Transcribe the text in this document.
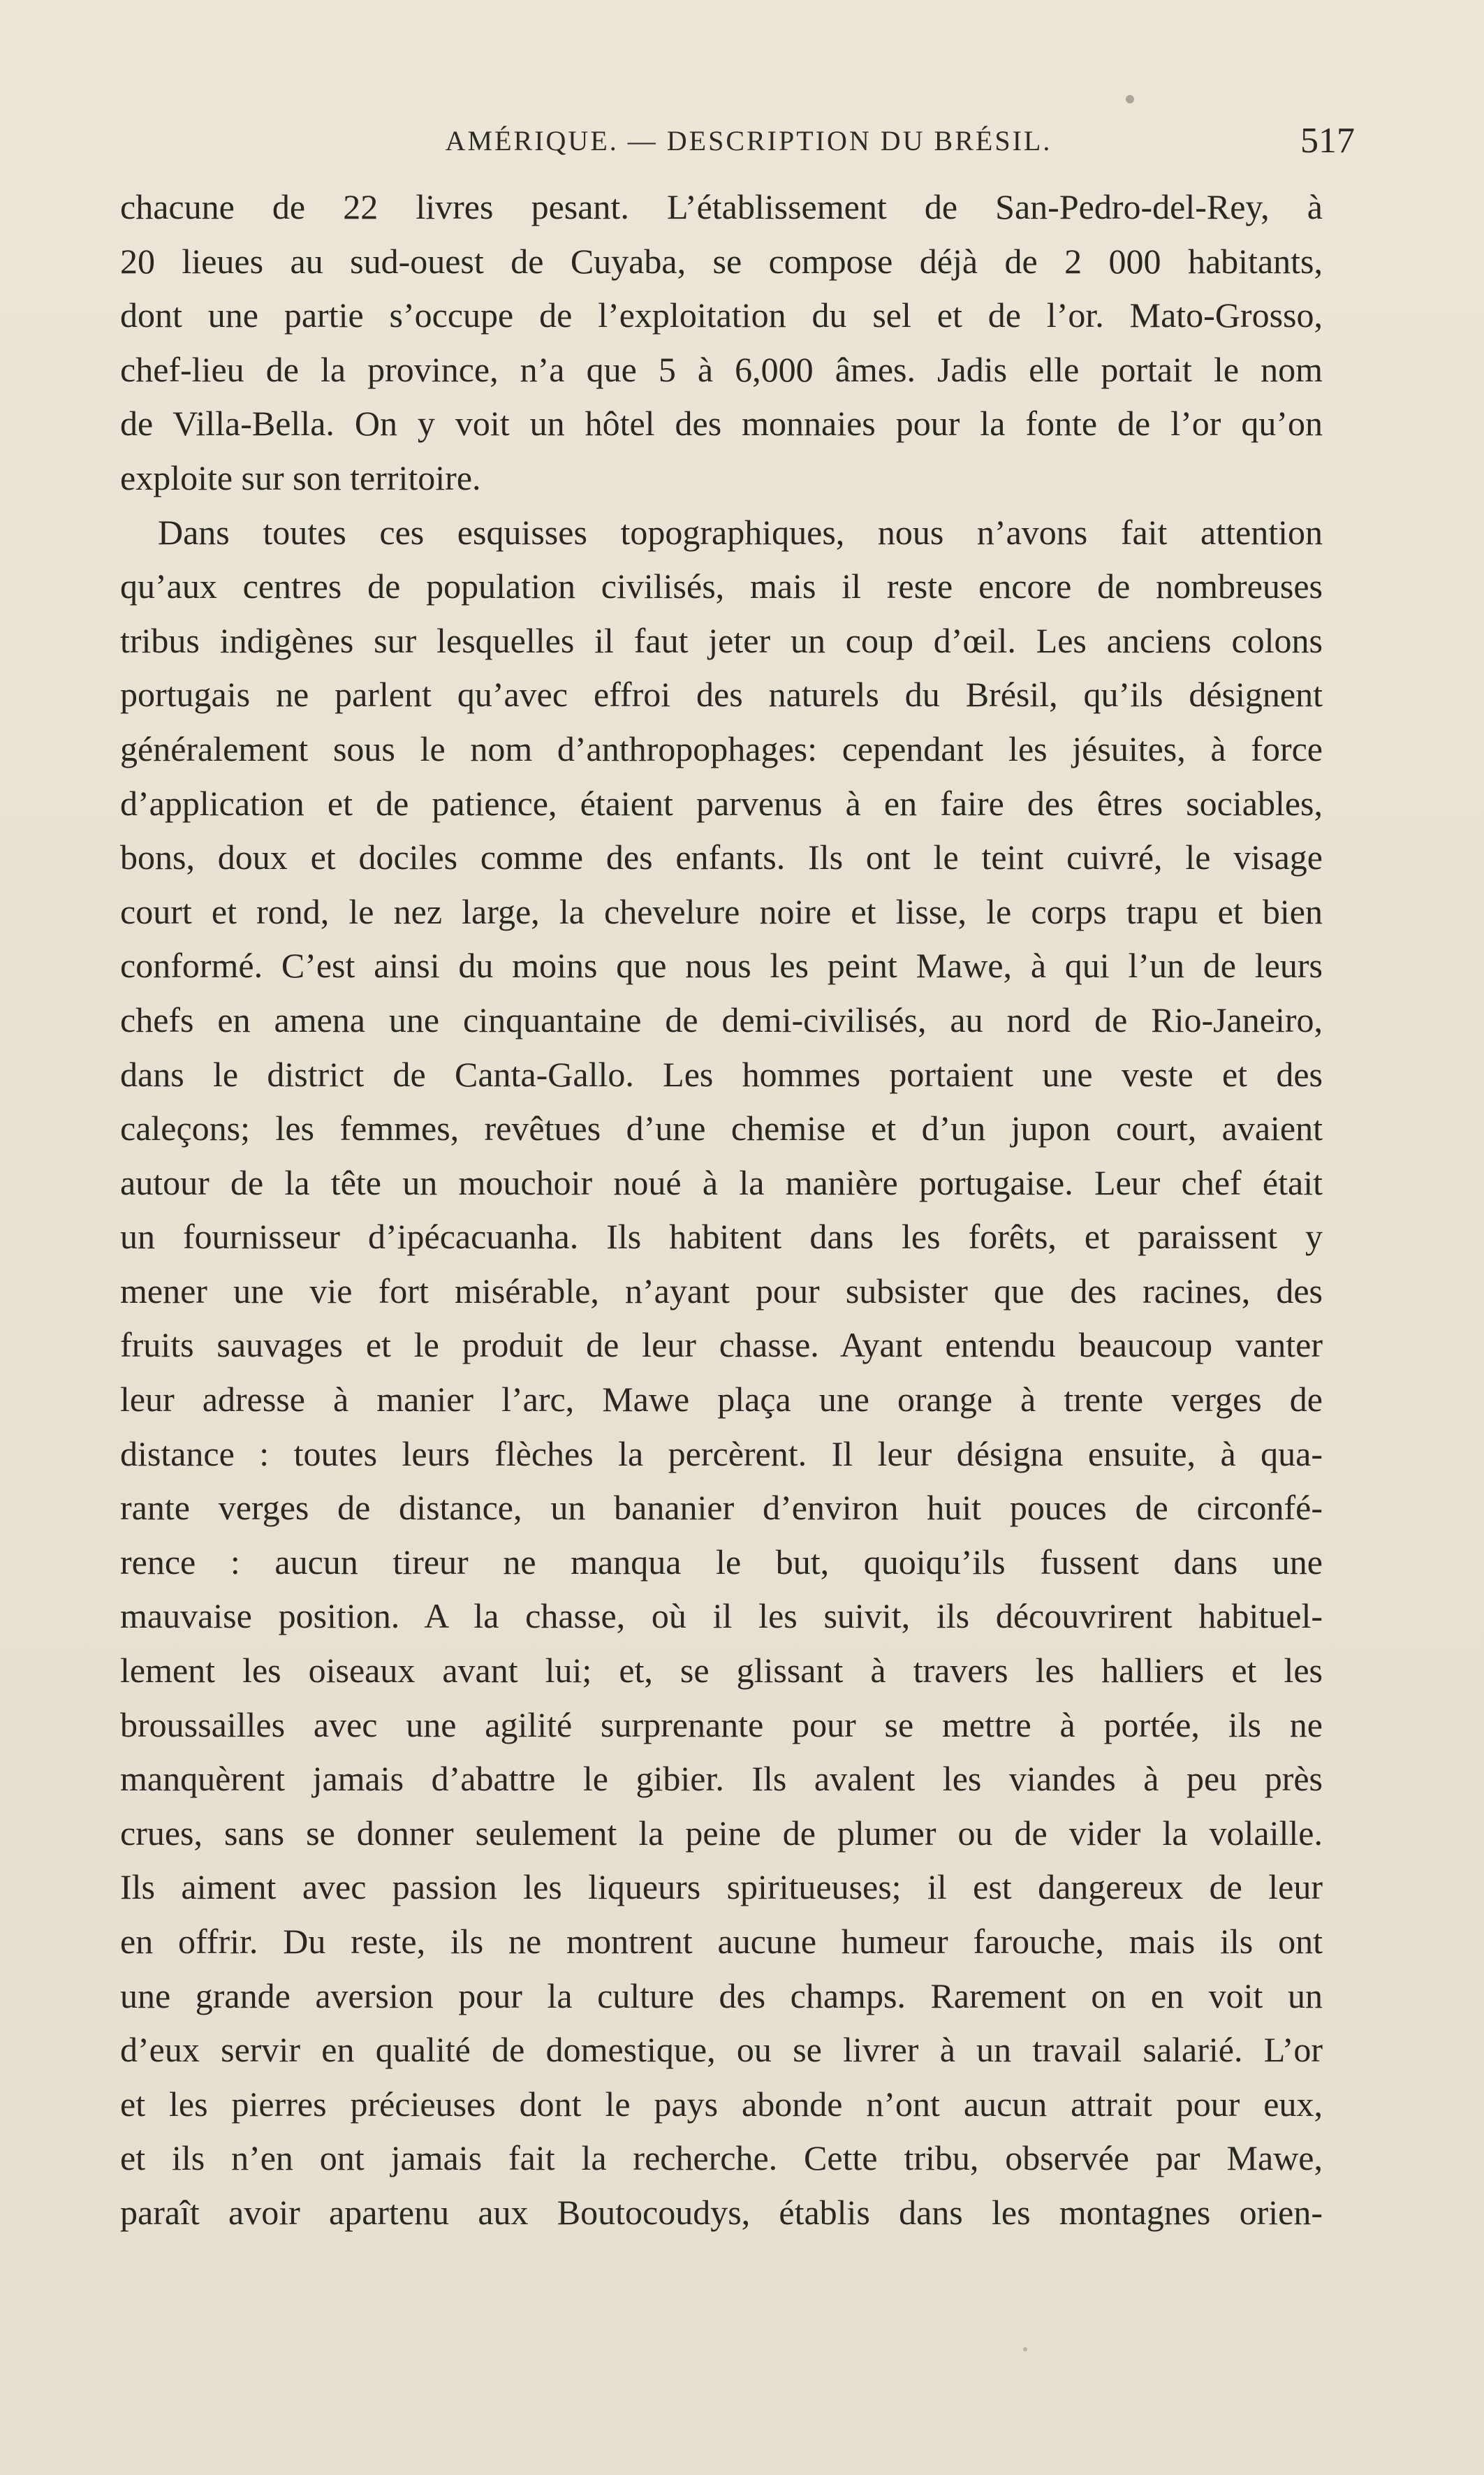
AMÉRIQUE. — DESCRIPTION DU BRÉSIL.	517
chacune de 22 livres pesant. L’établissement de San-Pedro-del-Rey, à
20 lieues au sud-ouest de Cuyaba, se compose déjà de 2 000 habitants,
dont une partie s’occupe de l’exploitation du sel et de l’or. Mato-Grosso,
chef-lieu de la province, n’a que 5 à 6,000 âmes. Jadis elle portait le nom
de Villa-Bella. On y voit un hôtel des monnaies pour la fonte de l’or qu’on
exploite sur son territoire.
Dans toutes ces esquisses topographiques, nous n’avons fait attention
qu’aux centres de population civilisés, mais il reste encore de nombreuses
tribus indigènes sur lesquelles il faut jeter un coup d’œil. Les anciens colons
portugais ne parlent qu’avec effroi des naturels du Brésil, qu’ils désignent
généralement sous le nom d’anthropophages: cependant les jésuites, à force
d’application et de patience, étaient parvenus à en faire des êtres sociables,
bons, doux et dociles comme des enfants. Ils ont le teint cuivré, le visage
court et rond, le nez large, la chevelure noire et lisse, le corps trapu et bien
conformé. C’est ainsi du moins que nous les peint Mawe, à qui l’un de leurs
chefs en amena une cinquantaine de demi-civilisés, au nord de Rio-Janeiro,
dans le district de Canta-Gallo. Les hommes portaient une veste et des
caleçons; les femmes, revêtues d’une chemise et d’un jupon court, avaient
autour de la tête un mouchoir noué à la manière portugaise. Leur chef était
un fournisseur d’ipécacuanha. Ils habitent dans les forêts, et paraissent y
mener une vie fort misérable, n’ayant pour subsister que des racines, des
fruits sauvages et le produit de leur chasse. Ayant entendu beaucoup vanter
leur adresse à manier l’arc, Mawe plaça une orange à trente verges de
distance : toutes leurs flèches la percèrent. Il leur désigna ensuite, à qua-
rante verges de distance, un bananier d’environ huit pouces de circonfé-
rence : aucun tireur ne manqua le but, quoiqu’ils fussent dans une
mauvaise position. A la chasse, où il les suivit, ils découvrirent habituel-
lement les oiseaux avant lui; et, se glissant à travers les halliers et les
broussailles avec une agilité surprenante pour se mettre à portée, ils ne
manquèrent jamais d’abattre le gibier. Ils avalent les viandes à peu près
crues, sans se donner seulement la peine de plumer ou de vider la volaille.
Ils aiment avec passion les liqueurs spiritueuses; il est dangereux de leur
en offrir. Du reste, ils ne montrent aucune humeur farouche, mais ils ont
une grande aversion pour la culture des champs. Rarement on en voit un
d’eux servir en qualité de domestique, ou se livrer à un travail salarié. L’or
et les pierres précieuses dont le pays abonde n’ont aucun attrait pour eux,
et ils n’en ont jamais fait la recherche. Cette tribu, observée par Mawe,
paraît avoir apartenu aux Boutocoudys, établis dans les montagnes orien-
